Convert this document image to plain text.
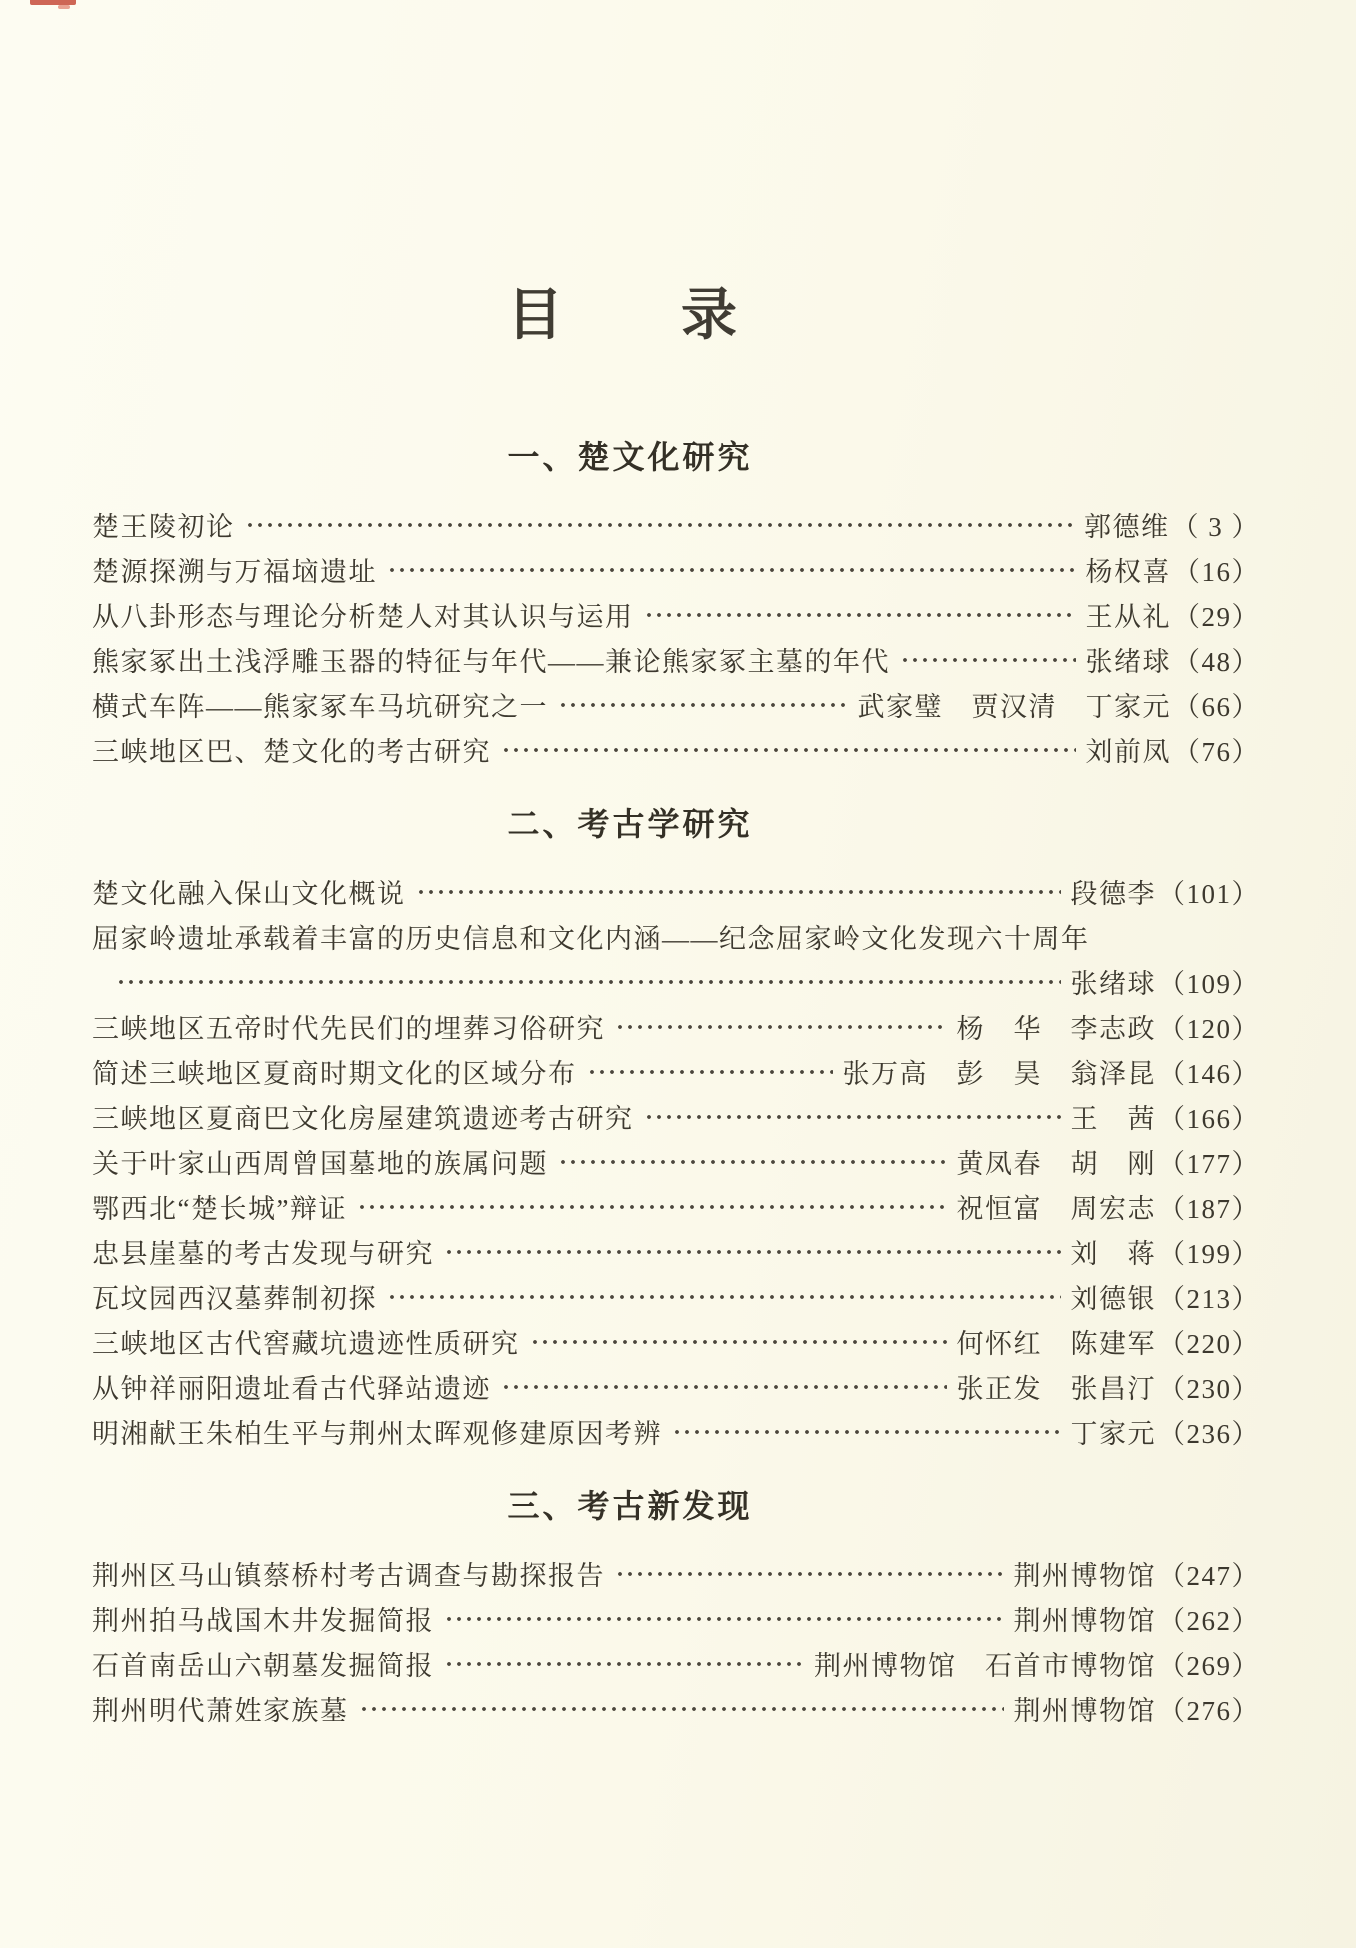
目　　录
一、楚文化研究
楚王陵初论	郭德维 （ 3 ）
楚源探溯与万福垴遗址	杨权喜 （16）
从八卦形态与理论分析楚人对其认识与运用	王从礼 （29）
熊家冢出土浅浮雕玉器的特征与年代——兼论熊家冢主墓的年代	张绪球 （48）
横式车阵——熊家冢车马坑研究之一	武家璧　贾汉清　丁家元 （66）
三峡地区巴、楚文化的考古研究	刘前凤 （76）
二、考古学研究
楚文化融入保山文化概说	段德李 （101）
屈家岭遗址承载着丰富的历史信息和文化内涵——纪念屈家岭文化发现六十周年
张绪球 （109）
三峡地区五帝时代先民们的埋葬习俗研究	杨　华　李志政 （120）
简述三峡地区夏商时期文化的区域分布	张万高　彭　昊　翁泽昆 （146）
三峡地区夏商巴文化房屋建筑遗迹考古研究	王　茜 （166）
关于叶家山西周曾国墓地的族属问题	黄凤春　胡　刚 （177）
鄂西北“楚长城”辩证	祝恒富　周宏志 （187）
忠县崖墓的考古发现与研究	刘　蒋 （199）
瓦坟园西汉墓葬制初探	刘德银 （213）
三峡地区古代窖藏坑遗迹性质研究	何怀红　陈建军 （220）
从钟祥丽阳遗址看古代驿站遗迹	张正发　张昌汀 （230）
明湘献王朱柏生平与荆州太晖观修建原因考辨	丁家元 （236）
三、考古新发现
荆州区马山镇蔡桥村考古调查与勘探报告	荆州博物馆 （247）
荆州拍马战国木井发掘简报	荆州博物馆 （262）
石首南岳山六朝墓发掘简报	荆州博物馆　石首市博物馆 （269）
荆州明代萧姓家族墓	荆州博物馆 （276）
